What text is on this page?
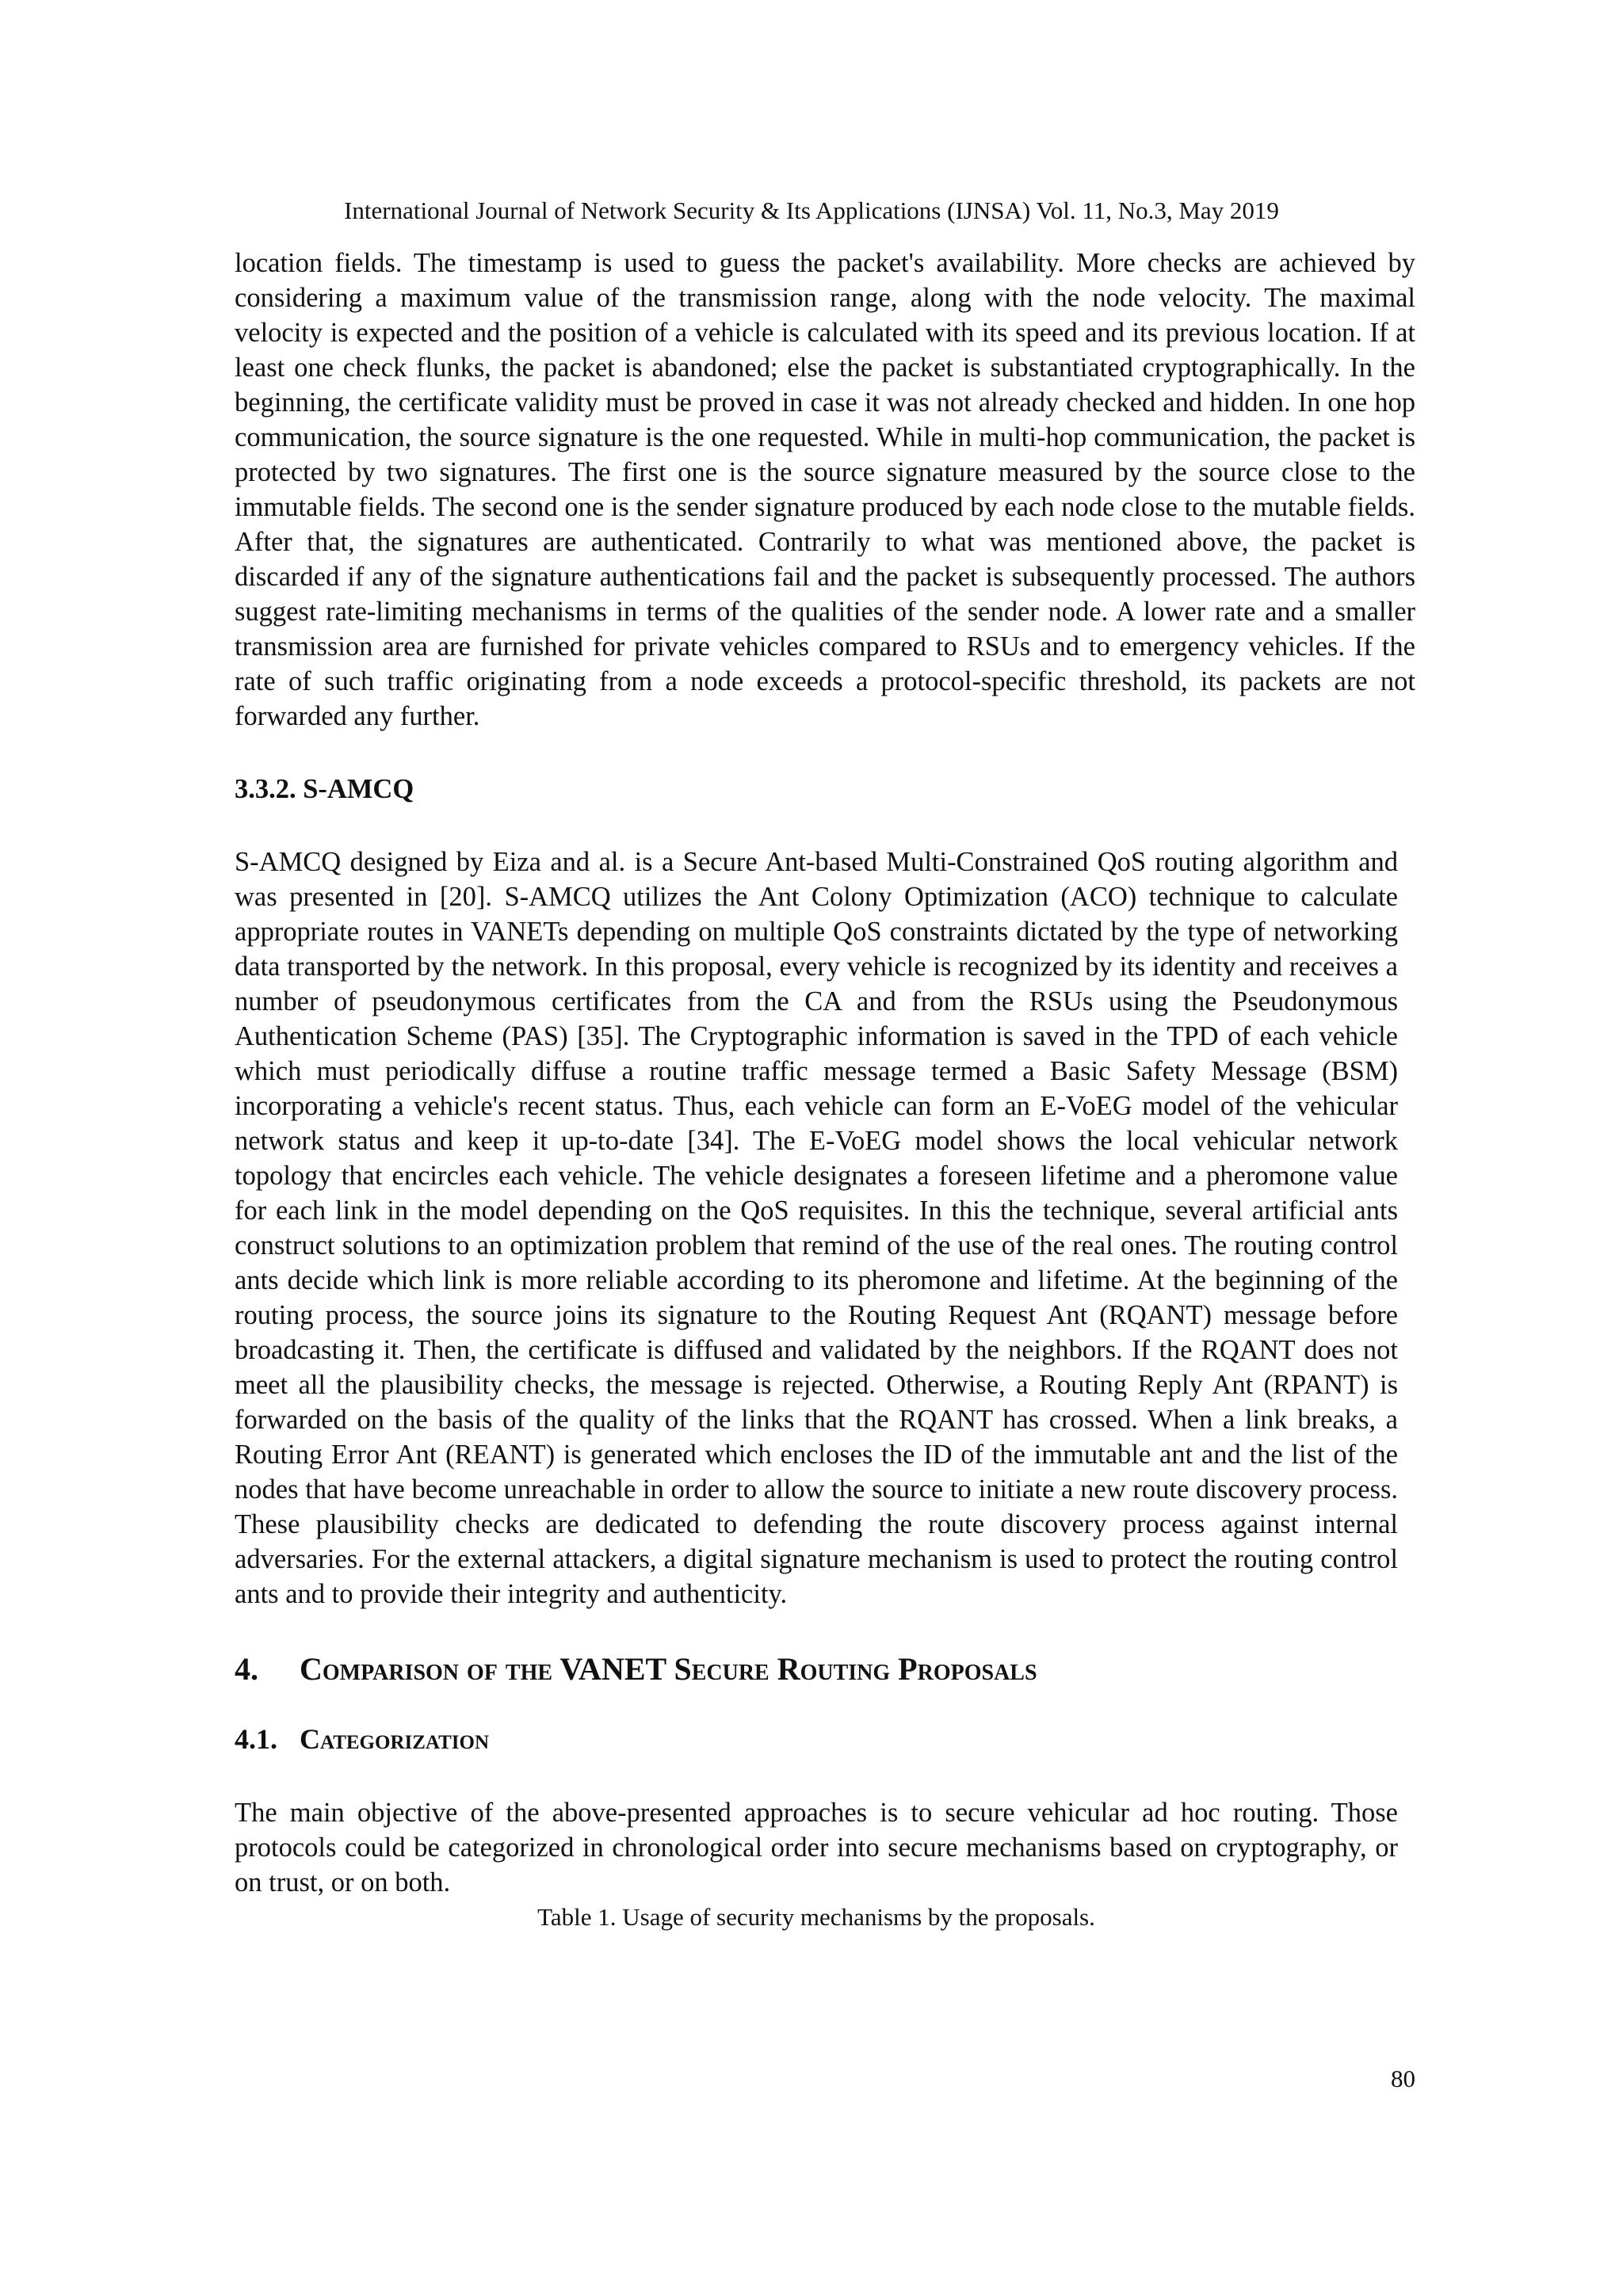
International Journal of Network Security & Its Applications (IJNSA) Vol. 11, No.3, May 2019

location fields. The timestamp is used to guess the packet's availability. More checks are achieved by considering a maximum value of the transmission range, along with the node velocity. The maximal velocity is expected and the position of a vehicle is calculated with its speed and its previous location. If at least one check flunks, the packet is abandoned; else the packet is substantiated cryptographically. In the beginning, the certificate validity must be proved in case it was not already checked and hidden. In one hop communication, the source signature is the one requested. While in multi-hop communication, the packet is protected by two signatures. The first one is the source signature measured by the source close to the immutable fields. The second one is the sender signature produced by each node close to the mutable fields. After that, the signatures are authenticated. Contrarily to what was mentioned above, the packet is discarded if any of the signature authentications fail and the packet is subsequently processed. The authors suggest rate-limiting mechanisms in terms of the qualities of the sender node. A lower rate and a smaller transmission area are furnished for private vehicles compared to RSUs and to emergency vehicles. If the rate of such traffic originating from a node exceeds a protocol-specific threshold, its packets are not forwarded any further.

3.3.2. S-AMCQ

S-AMCQ designed by Eiza and al. is a Secure Ant-based Multi-Constrained QoS routing algorithm and was presented in [20]. S-AMCQ utilizes the Ant Colony Optimization (ACO) technique to calculate appropriate routes in VANETs depending on multiple QoS constraints dictated by the type of networking data transported by the network. In this proposal, every vehicle is recognized by its identity and receives a number of pseudonymous certificates from the CA and from the RSUs using the Pseudonymous Authentication Scheme (PAS) [35]. The Cryptographic information is saved in the TPD of each vehicle which must periodically diffuse a routine traffic message termed a Basic Safety Message (BSM) incorporating a vehicle's recent status. Thus, each vehicle can form an E-VoEG model of the vehicular network status and keep it up-to-date [34]. The E-VoEG model shows the local vehicular network topology that encircles each vehicle. The vehicle designates a foreseen lifetime and a pheromone value for each link in the model depending on the QoS requisites. In this the technique, several artificial ants construct solutions to an optimization problem that remind of the use of the real ones. The routing control ants decide which link is more reliable according to its pheromone and lifetime. At the beginning of the routing process, the source joins its signature to the Routing Request Ant (RQANT) message before broadcasting it. Then, the certificate is diffused and validated by the neighbors. If the RQANT does not meet all the plausibility checks, the message is rejected. Otherwise, a Routing Reply Ant (RPANT) is forwarded on the basis of the quality of the links that the RQANT has crossed. When a link breaks, a Routing Error Ant (REANT) is generated which encloses the ID of the immutable ant and the list of the nodes that have become unreachable in order to allow the source to initiate a new route discovery process. These plausibility checks are dedicated to defending the route discovery process against internal adversaries. For the external attackers, a digital signature mechanism is used to protect the routing control ants and to provide their integrity and authenticity.

4. Comparison of the VANET Secure Routing Proposals
4.1. Categorization

The main objective of the above-presented approaches is to secure vehicular ad hoc routing. Those protocols could be categorized in chronological order into secure mechanisms based on cryptography, or on trust, or on both.

Table 1. Usage of security mechanisms by the proposals.
80
